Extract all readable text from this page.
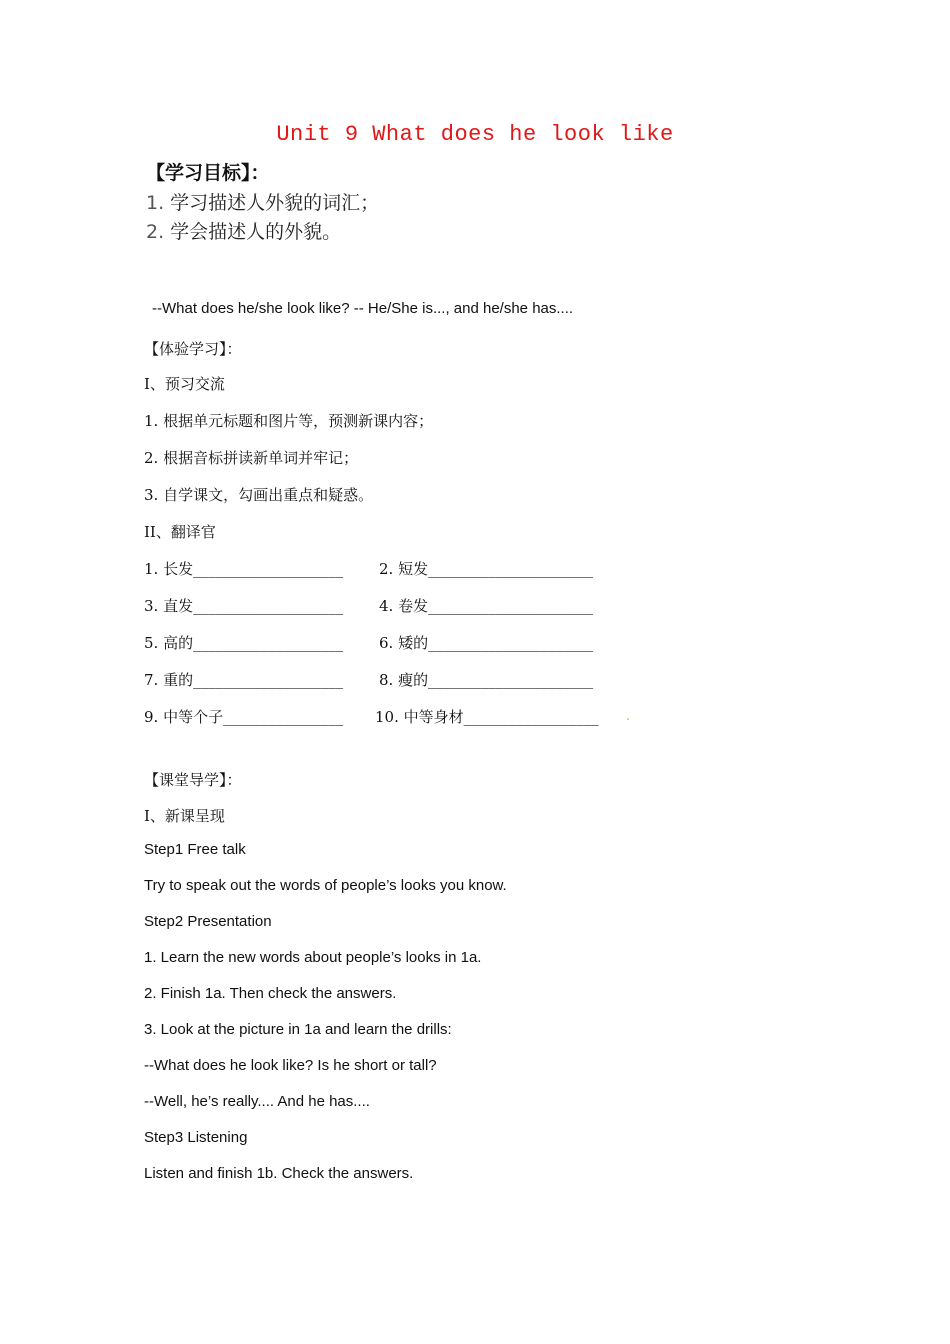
Unit 9 What does he look like
【学习目标】：
1. 学习描述人外貌的词汇；
2. 学会描述人的外貌。
--What does he/she look like? -- He/She is..., and he/she has....
【体验学习】：
I、预习交流
1. 根据单元标题和图片等，预测新课内容；
2. 根据音标拼读新单词并牢记；
3. 自学课文，勾画出重点和疑惑。
II、翻译官
1. 长发____________________ 2. 短发______________________
3. 直发____________________ 4. 卷发______________________
5. 高的____________________ 6. 矮的______________________
7. 重的____________________ 8. 瘦的______________________
9. 中等个子________________ 10. 中等身材__________________ .
【课堂导学】：
I、新课呈现
Step1 Free talk
Try to speak out the words of people’s looks you know.
Step2 Presentation
1. Learn the new words about people’s looks in 1a.
2. Finish 1a. Then check the answers.
3. Look at the picture in 1a and learn the drills:
--What does he look like? Is he short or tall?
--Well, he’s really.... And he has....
Step3 Listening
Listen and finish 1b. Check the answers.
